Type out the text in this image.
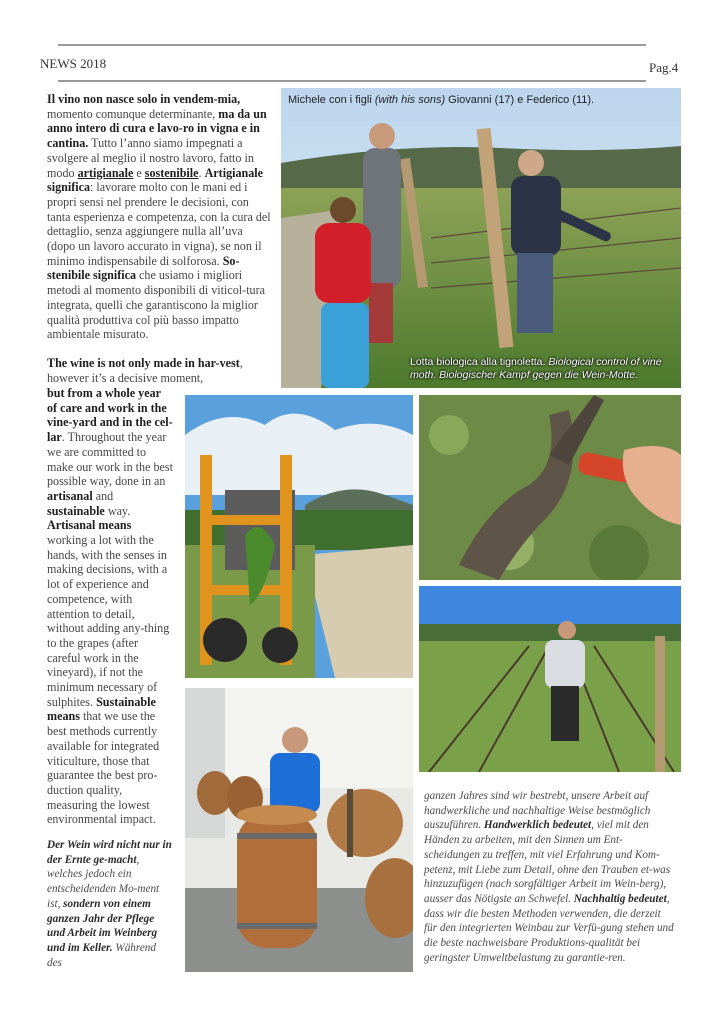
NEWS 2018	Pag.4
Il vino non nasce solo in vendem-mia, momento comunque determinante, ma da un anno intero di cura e lavo-ro in vigna e in cantina. Tutto l’anno siamo impegnati a svolgere al meglio il nostro lavoro, fatto in modo artigianale e sostenibile. Artigianale significa: lavorare molto con le mani ed i propri sensi nel prendere le decisioni, con tanta esperienza e competenza, con la cura del dettaglio, senza aggiungere nulla all’uva (dopo un lavoro accurato in vigna), se non il minimo indispensabile di solforosa. So-stenibile significa che usiamo i migliori metodi al momento disponibili di viticol-tura integrata, quelli che garantiscono la miglior qualità produttiva col più basso impatto ambientale misurato.
The wine is not only made in har-vest, however it’s a decisive moment,
but from a whole year of care and work in the vine-yard and in the cel-lar. Throughout the year we are committed to make our work in the best possible way, done in an artisanal and sustainable way. Artisanal means working a lot with the hands, with the senses in making decisions, with a lot of experience and competence, with attention to detail, without adding any-thing to the grapes (after careful work in the vineyard), if not the minimum necessary of sulphites. Sustainable means that we use the best methods currently available for integrated viticulture, those that guarantee the best pro-duction quality, measuring the lowest environmental impact.
Der Wein wird nicht nur in der Ernte ge-macht, welches jedoch ein entscheidenden Mo-ment ist, sondern von einem ganzen Jahr der Pflege und Arbeit im Weinberg und im Keller. Während des
ganzen Jahres sind wir bestrebt, unsere Arbeit auf handwerkliche und nachhaltige Weise bestmöglich auszuführen. Handwerklich bedeutet, viel mit den Händen zu arbeiten, mit den Sinnen um Ent-scheidungen zu treffen, mit viel Erfahrung und Kom-petenz, mit Liebe zum Detail, ohne den Trauben et-was hinzuzufügen (nach sorgfältiger Arbeit im Wein-berg), ausser das Nötigste an Schwefel. Nachhaltig bedeutet, dass wir die besten Methoden verwenden, die derzeit für den integrierten Weinbau zur Verfü-gung stehen und die beste nachweisbare Produktions-qualität bei geringster Umweltbelastung zu garantie-ren.
Michele con i figli (with his sons) Giovanni (17) e Federico (11).
Lotta biologica alla tignoletta. Biological control of vine moth. Biologischer Kampf gegen die Wein-Motte.
